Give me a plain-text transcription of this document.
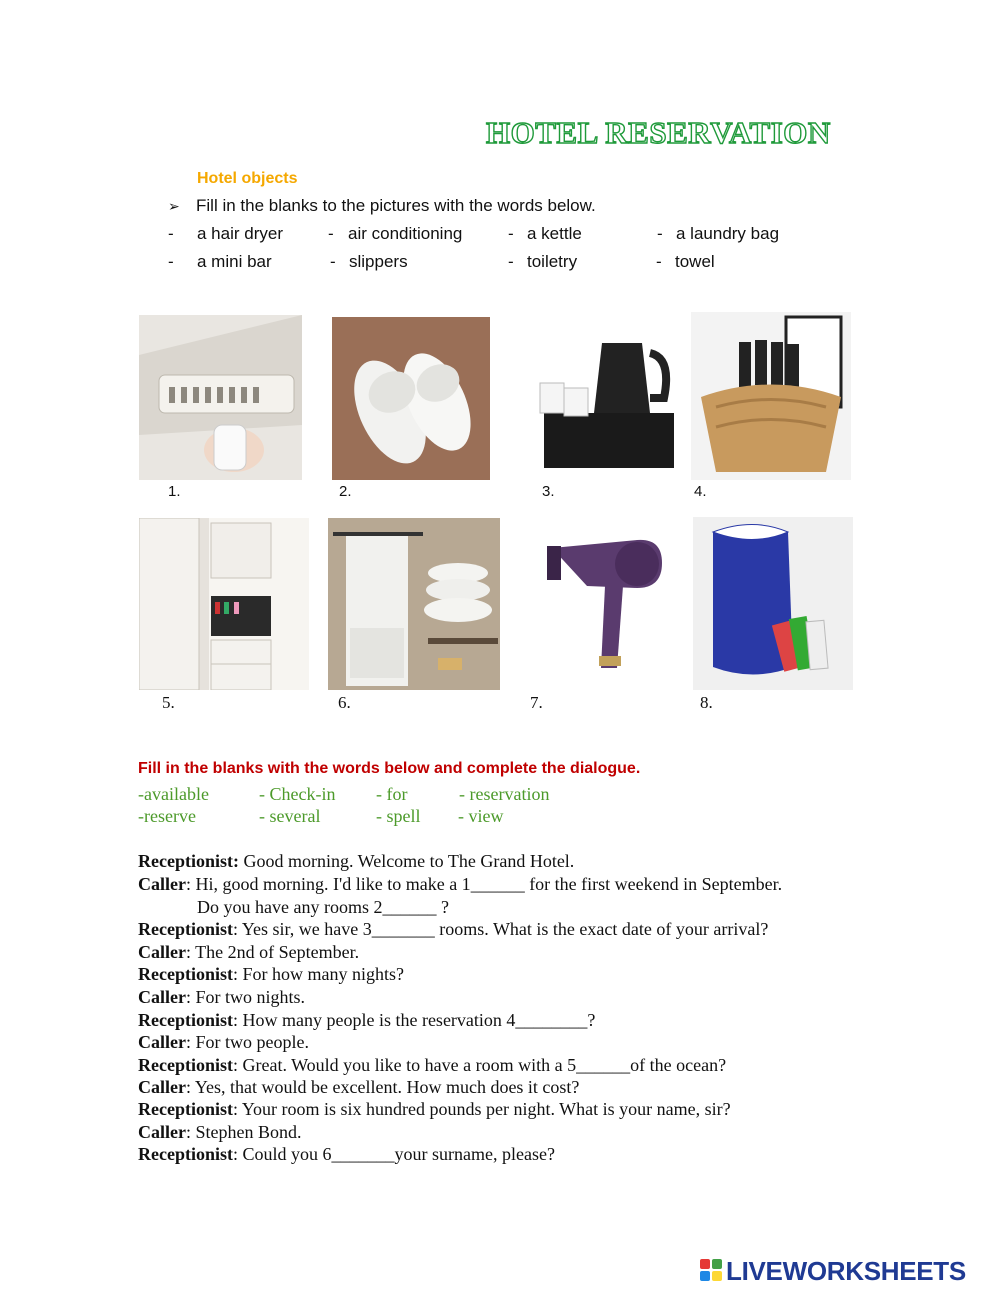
HOTEL RESERVATION
Hotel objects
➢ Fill in the blanks to the pictures with the words below.
- a hair dryer	- air conditioning	- a kettle	- a laundry bag
- a mini bar	- slippers	- toiletry	- towel
1.	2.	3.	4.
5.	6.	7.	8.
Fill in the blanks with the words below and complete the dialogue.
-available	- Check-in - for	- reservation
-reserve	- several	- spell - view
Receptionist: Good morning. Welcome to The Grand Hotel.
Caller: Hi, good morning. I'd like to make a 1______ for the first weekend in September.
Do you have any rooms 2______ ?
Receptionist: Yes sir, we have 3_______ rooms. What is the exact date of your arrival?
Caller: The 2nd of September.
Receptionist: For how many nights?
Caller: For two nights.
Receptionist: How many people is the reservation 4________?
Caller: For two people.
Receptionist: Great. Would you like to have a room with a 5______of the ocean?
Caller: Yes, that would be excellent. How much does it cost?
Receptionist: Your room is six hundred pounds per night. What is your name, sir?
Caller: Stephen Bond.
Receptionist: Could you 6_______your surname, please?
LIVEWORKSHEETS
